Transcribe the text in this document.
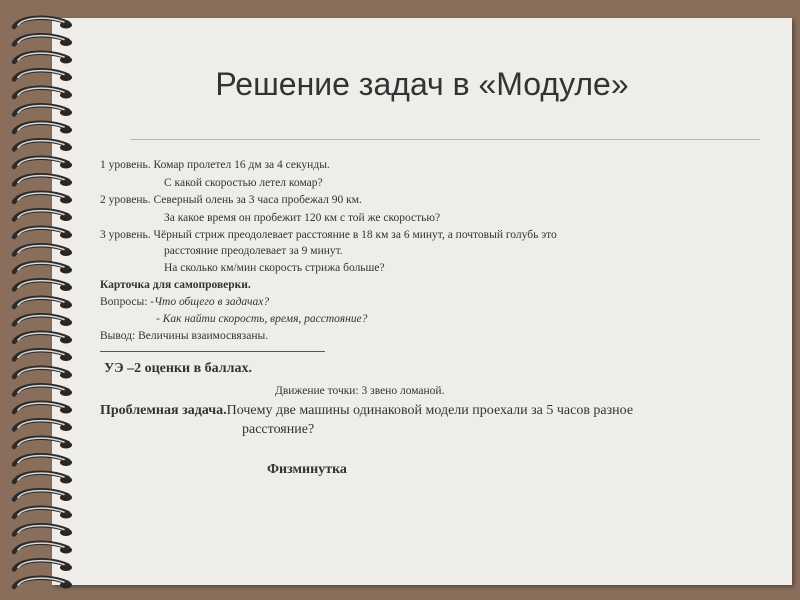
Решение задач в «Модуле»
1 уровень. Комар пролетел 16 дм за 4 секунды.
С какой скоростью летел комар?
2 уровень. Северный олень за 3 часа пробежал 90 км.
За какое время он пробежит 120 км с той же скоростью?
3 уровень. Чёрный стриж преодолевает расстояние в 18 км за 6 минут, а почтовый голубь это
расстояние преодолевает за 9 минут.
На сколько км/мин скорость стрижа больше?
Карточка для самопроверки.
Вопросы: -Что общего в задачах?
- Как найти скорость, время, расстояние?
Вывод: Величины взаимосвязаны.
УЭ –2 оценки в баллах.
Движение точки: 3 звено ломаной.
Проблемная задача.Почему две машины одинаковой модели проехали за 5 часов разное
расстояние?
Физминутка
